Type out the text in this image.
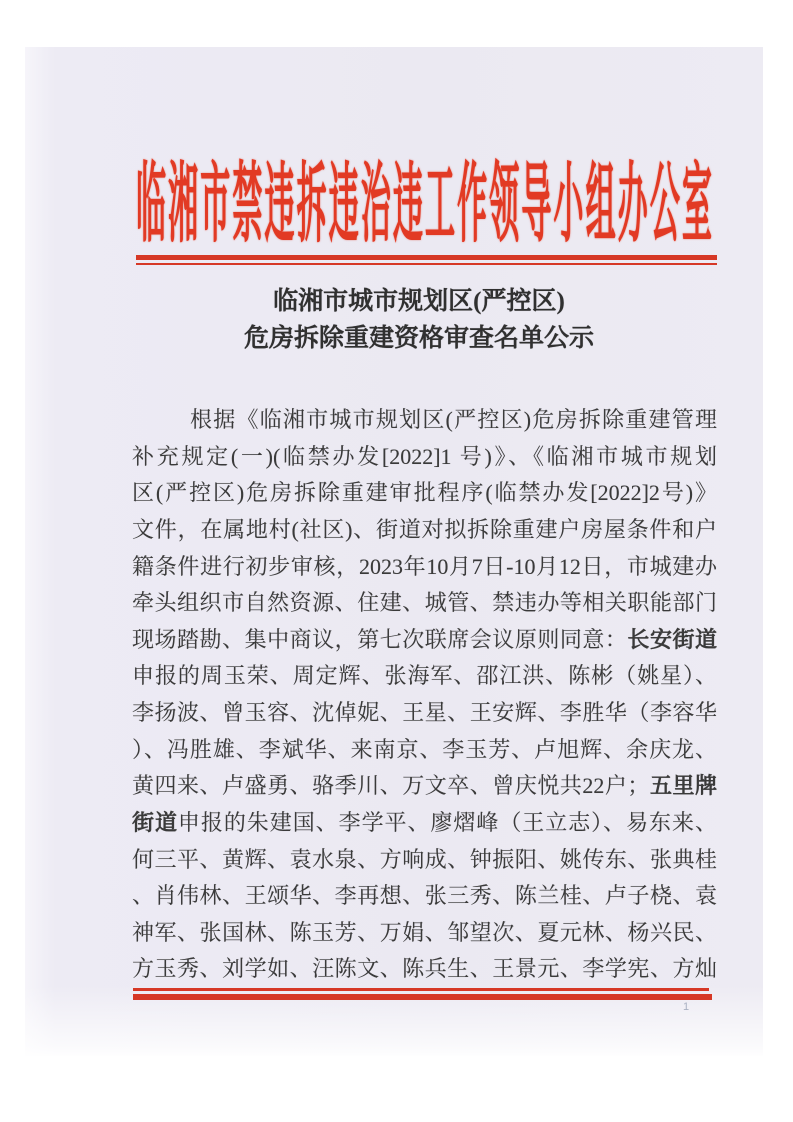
临湘市禁违拆违治违工作领导小组办公室
临湘市城市规划区(严控区)
危房拆除重建资格审查名单公示
根据《临湘市城市规划区(严控区)危房拆除重建管理
补充规定(一)(临禁办发[2022]1 号)》、《临湘市城市规划
区(严控区)危房拆除重建审批程序(临禁办发[2022]2号)》
文件，在属地村(社区)、街道对拟拆除重建户房屋条件和户
籍条件进行初步审核，2023年10月7日-10月12日，市城建办
牵头组织市自然资源、住建、城管、禁违办等相关职能部门
现场踏勘、集中商议，第七次联席会议原则同意：长安街道
申报的周玉荣、周定辉、张海军、邵江洪、陈彬（姚星）、
李扬波、曾玉容、沈倬妮、王星、王安辉、李胜华（李容华
）、冯胜雄、李斌华、来南京、李玉芳、卢旭辉、余庆龙、
黄四来、卢盛勇、骆季川、万文卒、曾庆悦共22户；五里牌
街道申报的朱建国、李学平、廖熠峰（王立志）、易东来、
何三平、黄辉、袁水泉、方响成、钟振阳、姚传东、张典桂
、肖伟林、王颂华、李再想、张三秀、陈兰桂、卢子桡、袁
神军、张国林、陈玉芳、万娟、邹望次、夏元林、杨兴民、
方玉秀、刘学如、汪陈文、陈兵生、王景元、李学宪、方灿
1
